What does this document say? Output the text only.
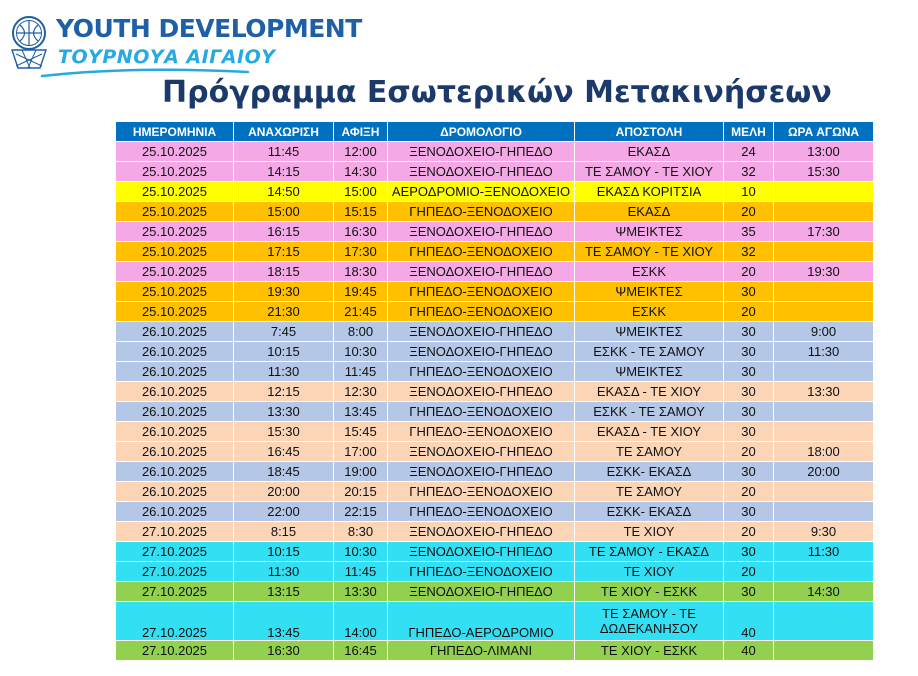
YOUTH DEVELOPMENT
ΤΟΥΡΝΟΥΑ ΑΙΓΑΙΟΥ
Πρόγραμμα Εσωτερικών Μετακινήσεων
ΗΜΕΡΟΜΗΝΙΑ	ΑΝΑΧΩΡΙΣΗ	ΑΦΙΞΗ	ΔΡΟΜΟΛΟΓΙΟ	ΑΠΟΣΤΟΛΗ	ΜΕΛΗ	ΩΡΑ ΑΓΩΝΑ
25.10.2025	11:45	12:00	ΞΕΝΟΔΟΧΕΙΟ-ΓΗΠΕΔΟ	ΕΚΑΣΔ	24	13:00
25.10.2025	14:15	14:30	ΞΕΝΟΔΟΧΕΙΟ-ΓΗΠΕΔΟ	ΤΕ ΣΑΜΟΥ - ΤΕ ΧΙΟΥ	32	15:30
25.10.2025	14:50	15:00	ΑΕΡΟΔΡΟΜΙΟ-ΞΕΝΟΔΟΧΕΙΟ	ΕΚΑΣΔ ΚΟΡΙΤΣΙΑ	10	
25.10.2025	15:00	15:15	ΓΗΠΕΔΟ-ΞΕΝΟΔΟΧΕΙΟ	ΕΚΑΣΔ	20	
25.10.2025	16:15	16:30	ΞΕΝΟΔΟΧΕΙΟ-ΓΗΠΕΔΟ	ΨΜΕΙΚΤΕΣ	35	17:30
25.10.2025	17:15	17:30	ΓΗΠΕΔΟ-ΞΕΝΟΔΟΧΕΙΟ	ΤΕ ΣΑΜΟΥ - ΤΕ ΧΙΟΥ	32	
25.10.2025	18:15	18:30	ΞΕΝΟΔΟΧΕΙΟ-ΓΗΠΕΔΟ	ΕΣΚΚ	20	19:30
25.10.2025	19:30	19:45	ΓΗΠΕΔΟ-ΞΕΝΟΔΟΧΕΙΟ	ΨΜΕΙΚΤΕΣ	30	
25.10.2025	21:30	21:45	ΓΗΠΕΔΟ-ΞΕΝΟΔΟΧΕΙΟ	ΕΣΚΚ	20	
26.10.2025	7:45	8:00	ΞΕΝΟΔΟΧΕΙΟ-ΓΗΠΕΔΟ	ΨΜΕΙΚΤΕΣ	30	9:00
26.10.2025	10:15	10:30	ΞΕΝΟΔΟΧΕΙΟ-ΓΗΠΕΔΟ	ΕΣΚΚ - ΤΕ ΣΑΜΟΥ	30	11:30
26.10.2025	11:30	11:45	ΓΗΠΕΔΟ-ΞΕΝΟΔΟΧΕΙΟ	ΨΜΕΙΚΤΕΣ	30	
26.10.2025	12:15	12:30	ΞΕΝΟΔΟΧΕΙΟ-ΓΗΠΕΔΟ	ΕΚΑΣΔ - ΤΕ ΧΙΟΥ	30	13:30
26.10.2025	13:30	13:45	ΓΗΠΕΔΟ-ΞΕΝΟΔΟΧΕΙΟ	ΕΣΚΚ - ΤΕ ΣΑΜΟΥ	30	
26.10.2025	15:30	15:45	ΓΗΠΕΔΟ-ΞΕΝΟΔΟΧΕΙΟ	ΕΚΑΣΔ - ΤΕ ΧΙΟΥ	30	
26.10.2025	16:45	17:00	ΞΕΝΟΔΟΧΕΙΟ-ΓΗΠΕΔΟ	ΤΕ ΣΑΜΟΥ	20	18:00
26.10.2025	18:45	19:00	ΞΕΝΟΔΟΧΕΙΟ-ΓΗΠΕΔΟ	ΕΣΚΚ- ΕΚΑΣΔ	30	20:00
26.10.2025	20:00	20:15	ΓΗΠΕΔΟ-ΞΕΝΟΔΟΧΕΙΟ	ΤΕ ΣΑΜΟΥ	20	
26.10.2025	22:00	22:15	ΓΗΠΕΔΟ-ΞΕΝΟΔΟΧΕΙΟ	ΕΣΚΚ- ΕΚΑΣΔ	30	
27.10.2025	8:15	8:30	ΞΕΝΟΔΟΧΕΙΟ-ΓΗΠΕΔΟ	ΤΕ ΧΙΟΥ	20	9:30
27.10.2025	10:15	10:30	ΞΕΝΟΔΟΧΕΙΟ-ΓΗΠΕΔΟ	ΤΕ ΣΑΜΟΥ - ΕΚΑΣΔ	30	11:30
27.10.2025	11:30	11:45	ΓΗΠΕΔΟ-ΞΕΝΟΔΟΧΕΙΟ	ΤΕ ΧΙΟΥ	20	
27.10.2025	13:15	13:30	ΞΕΝΟΔΟΧΕΙΟ-ΓΗΠΕΔΟ	ΤΕ ΧΙΟΥ - ΕΣΚΚ	30	14:30
27.10.2025	13:45	14:00	ΓΗΠΕΔΟ-ΑΕΡΟΔΡΟΜΙΟ	ΤΕ ΣΑΜΟΥ - ΤΕ ΔΩΔΕΚΑΝΗΣΟΥ	40	
27.10.2025	16:30	16:45	ΓΗΠΕΔΟ-ΛΙΜΑΝΙ	ΤΕ ΧΙΟΥ - ΕΣΚΚ	40	
